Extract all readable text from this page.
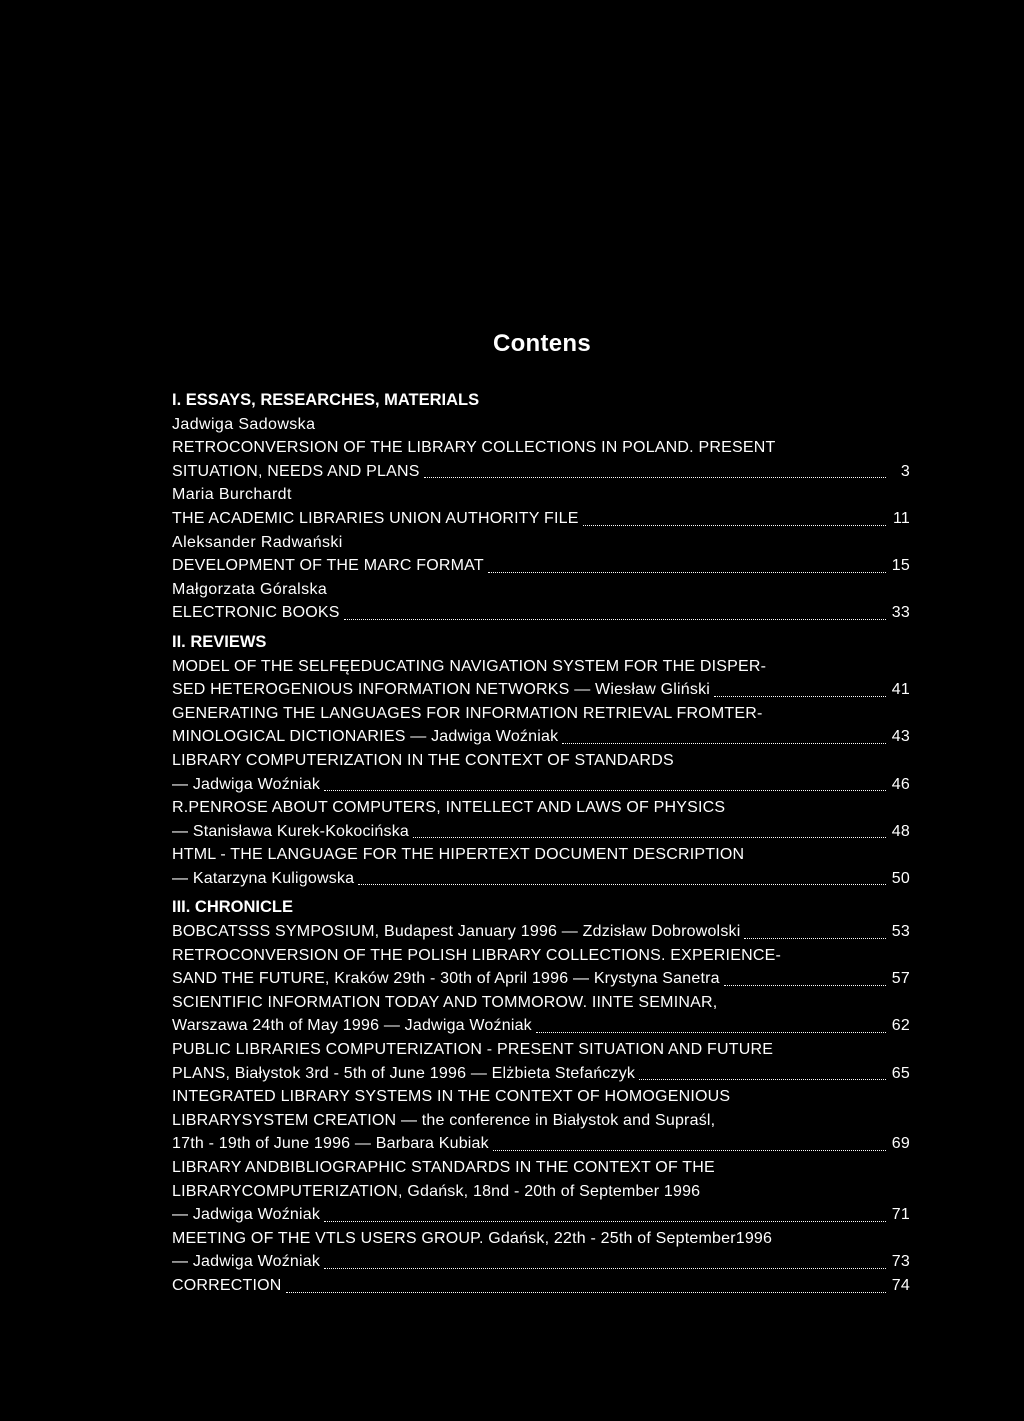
Contens
I. ESSAYS, RESEARCHES, MATERIALS
Jadwiga Sadowska
RETROCONVERSION OF THE LIBRARY COLLECTIONS IN POLAND. PRESENT
SITUATION, NEEDS AND PLANS	3
Maria Burchardt
THE ACADEMIC LIBRARIES UNION AUTHORITY FILE	11
Aleksander Radwański
DEVELOPMENT OF THE MARC FORMAT	15
Małgorzata Góralska
ELECTRONIC BOOKS	33
II. REVIEWS
MODEL OF THE SELFĘEDUCATING NAVIGATION SYSTEM FOR THE DISPER-
SED HETEROGENIOUS INFORMATION NETWORKS — Wiesław Gliński	41
GENERATING THE LANGUAGES FOR INFORMATION RETRIEVAL FROMTER-
MINOLOGICAL DICTIONARIES — Jadwiga Woźniak	43
LIBRARY COMPUTERIZATION IN THE CONTEXT OF STANDARDS
— Jadwiga Woźniak	46
R.PENROSE ABOUT COMPUTERS, INTELLECT AND LAWS OF PHYSICS
— Stanisława Kurek-Kokocińska	48
HTML - THE LANGUAGE FOR THE HIPERTEXT DOCUMENT DESCRIPTION
— Katarzyna Kuligowska	50
III. CHRONICLE
BOBCATSSS SYMPOSIUM, Budapest January 1996 — Zdzisław Dobrowolski	53
RETROCONVERSION OF THE POLISH LIBRARY COLLECTIONS. EXPERIENCE-
SAND THE FUTURE, Kraków 29th - 30th of April 1996 — Krystyna Sanetra	57
SCIENTIFIC INFORMATION TODAY AND TOMMOROW. IINTE SEMINAR,
Warszawa 24th of May 1996 — Jadwiga Woźniak	62
PUBLIC LIBRARIES COMPUTERIZATION - PRESENT SITUATION AND FUTURE
PLANS, Białystok 3rd - 5th of June 1996 — Elżbieta Stefańczyk	65
INTEGRATED LIBRARY SYSTEMS IN THE CONTEXT OF HOMOGENIOUS
LIBRARYSYSTEM CREATION — the conference in Białystok and Supraśl,
17th - 19th of June 1996 — Barbara Kubiak	69
LIBRARY ANDBIBLIOGRAPHIC STANDARDS IN THE CONTEXT OF THE
LIBRARYCOMPUTERIZATION, Gdańsk, 18nd - 20th of September 1996
— Jadwiga Woźniak	71
MEETING OF THE VTLS USERS GROUP. Gdańsk, 22th - 25th of September1996
— Jadwiga Woźniak	73
CORRECTION	74
